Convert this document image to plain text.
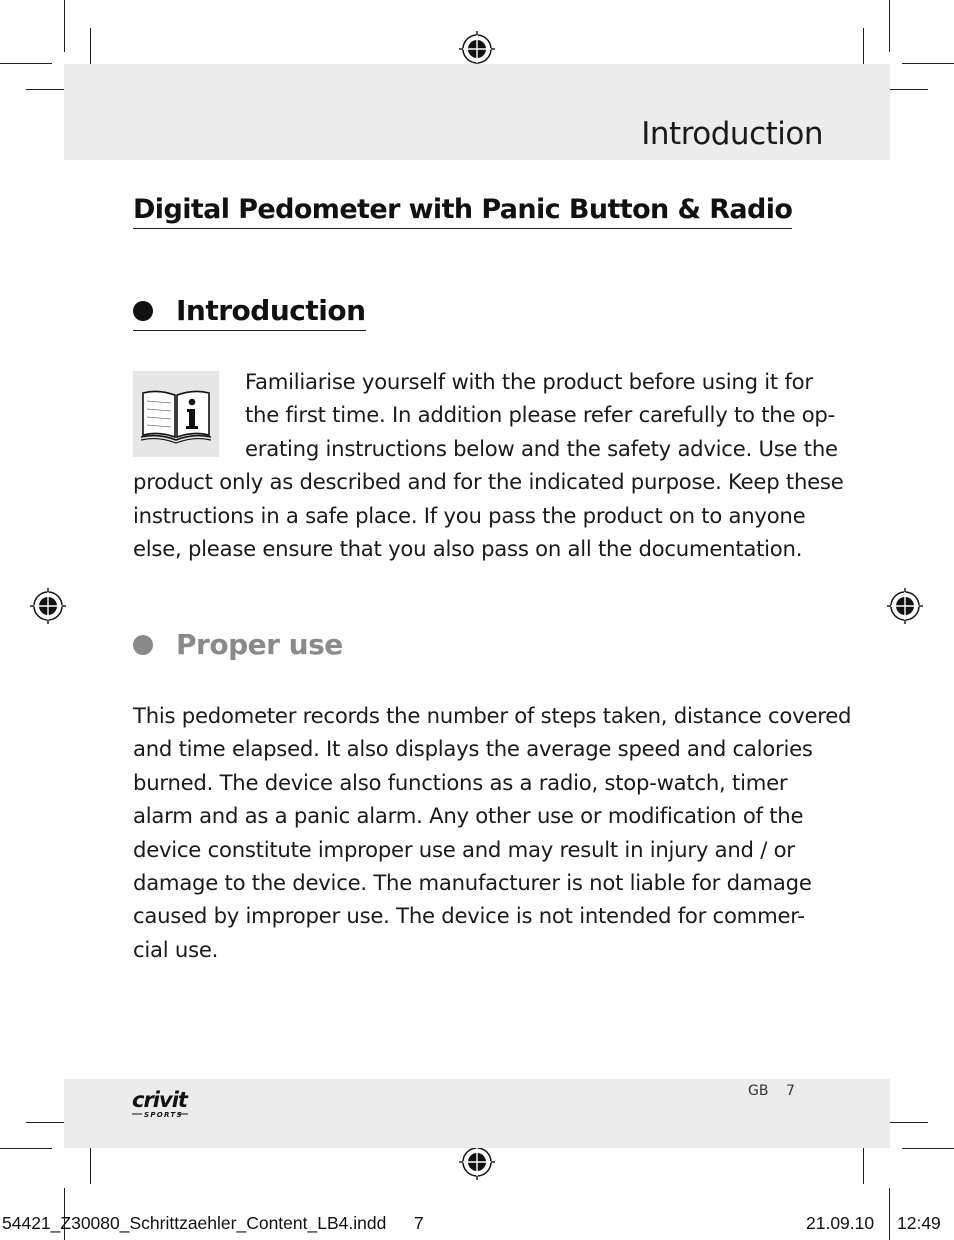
Introduction
Digital Pedometer with Panic Button & Radio
Introduction
Familiarise yourself with the product before using it for
the first time. In addition please refer carefully to the op-
erating instructions below and the safety advice. Use the
product only as described and for the indicated purpose. Keep these
instructions in a safe place. If you pass the product on to anyone
else, please ensure that you also pass on all the documentation.
Proper use
This pedometer records the number of steps taken, distance covered
and time elapsed. It also displays the average speed and calories
burned. The device also functions as a radio, stop-watch, timer
alarm and as a panic alarm. Any other use or modification of the
device constitute improper use and may result in injury and / or
damage to the device. The manufacturer is not liable for damage
caused by improper use. The device is not intended for commer-
cial use.
crivit
SPORTS
GB 7
54421_Z30080_Schrittzaehler_Content_LB4.indd 7	21.09.10 12:49
